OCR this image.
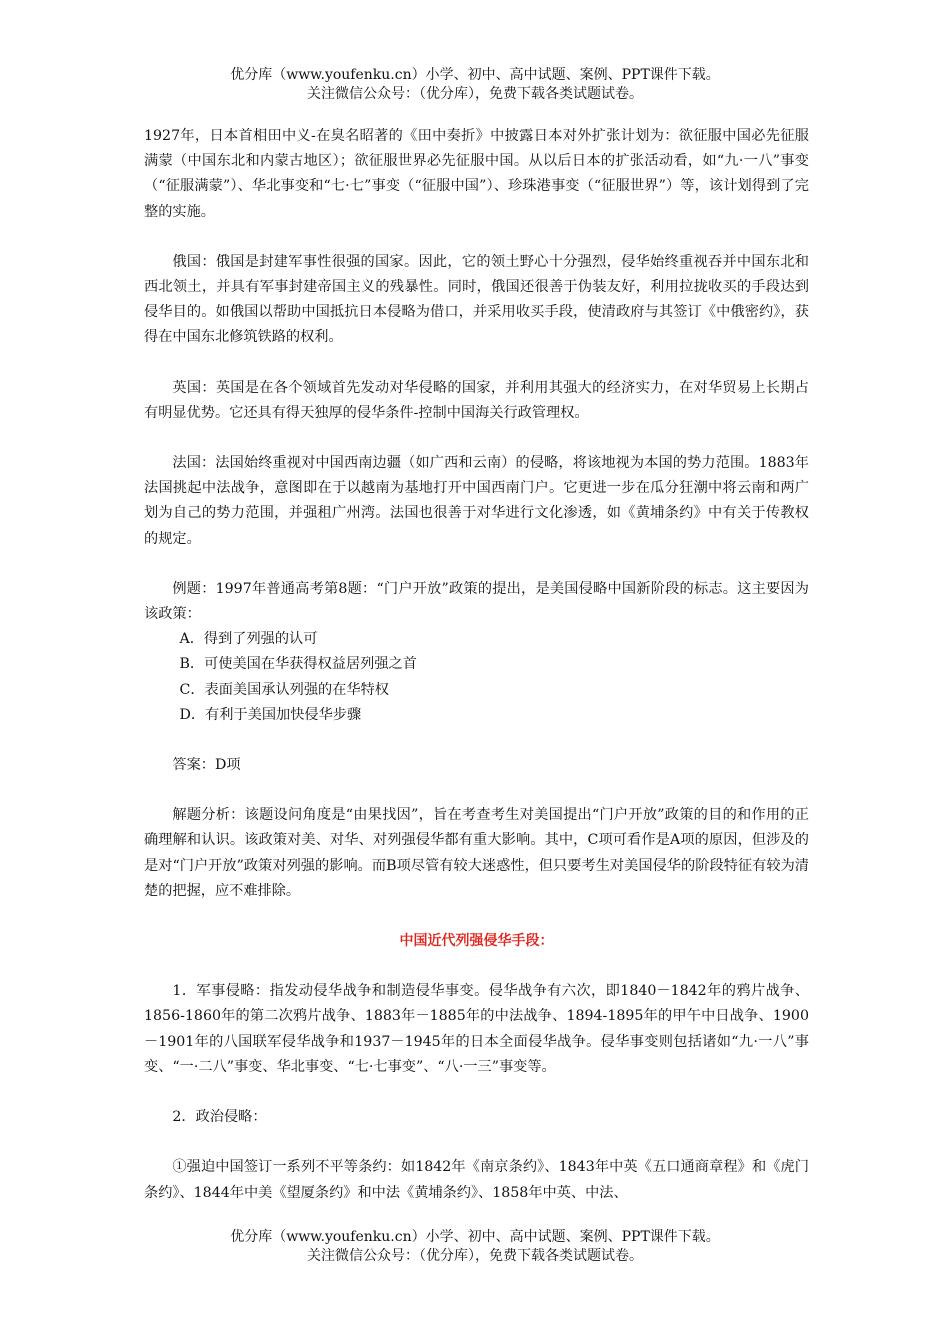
优分库（www.youfenku.cn）小学、初中、高中试题、案例、PPT课件下载。
关注微信公众号：（优分库），免费下载各类试题试卷。

1927年，日本首相田中义-在臭名昭著的《田中奏折》中披露日本对外扩张计划为：欲征服中国必先征服满蒙（中国东北和内蒙古地区）；欲征服世界必先征服中国。从以后日本的扩张活动看，如“九·一八”事变（“征服满蒙”）、华北事变和“七·七”事变（“征服中国”）、珍珠港事变（“征服世界”）等，该计划得到了完整的实施。

俄国：俄国是封建军事性很强的国家。因此，它的领土野心十分强烈，侵华始终重视吞并中国东北和西北领土，并具有军事封建帝国主义的残暴性。同时，俄国还很善于伪装友好，利用拉拢收买的手段达到侵华目的。如俄国以帮助中国抵抗日本侵略为借口，并采用收买手段，使清政府与其签订《中俄密约》，获得在中国东北修筑铁路的权利。

英国：英国是在各个领域首先发动对华侵略的国家，并利用其强大的经济实力，在对华贸易上长期占有明显优势。它还具有得天独厚的侵华条件-控制中国海关行政管理权。

法国：法国始终重视对中国西南边疆（如广西和云南）的侵略，将该地视为本国的势力范围。1883年法国挑起中法战争，意图即在于以越南为基地打开中国西南门户。它更进一步在瓜分狂潮中将云南和两广划为自己的势力范围，并强租广州湾。法国也很善于对华进行文化渗透，如《黄埔条约》中有关于传教权的规定。

例题：1997年普通高考第8题：“门户开放”政策的提出，是美国侵略中国新阶段的标志。这主要因为该政策：

A．得到了列强的认可
B．可使美国在华获得权益居列强之首
C．表面美国承认列强的在华特权
D．有利于美国加快侵华步骤

答案：D项

解题分析：该题设问角度是“由果找因”，旨在考查考生对美国提出“门户开放”政策的目的和作用的正确理解和认识。该政策对美、对华、对列强侵华都有重大影响。其中，C项可看作是A项的原因，但涉及的是对“门户开放”政策对列强的影响。而B项尽管有较大迷惑性，但只要考生对美国侵华的阶段特征有较为清楚的把握，应不难排除。

中国近代列强侵华手段：

1．军事侵略：指发动侵华战争和制造侵华事变。侵华战争有六次，即1840－1842年的鸦片战争、1856-1860年的第二次鸦片战争、1883年－1885年的中法战争、1894-1895年的甲午中日战争、1900－1901年的八国联军侵华战争和1937－1945年的日本全面侵华战争。侵华事变则包括诸如“九·一八”事变、“一·二八”事变、华北事变、“七·七事变”、“八·一三”事变等。

2．政治侵略：

①强迫中国签订一系列不平等条约：如1842年《南京条约》、1843年中英《五口通商章程》和《虎门条约》、1844年中美《望厦条约》和中法《黄埔条约》、1858年中英、中法、

优分库（www.youfenku.cn）小学、初中、高中试题、案例、PPT课件下载。
关注微信公众号：（优分库），免费下载各类试题试卷。
